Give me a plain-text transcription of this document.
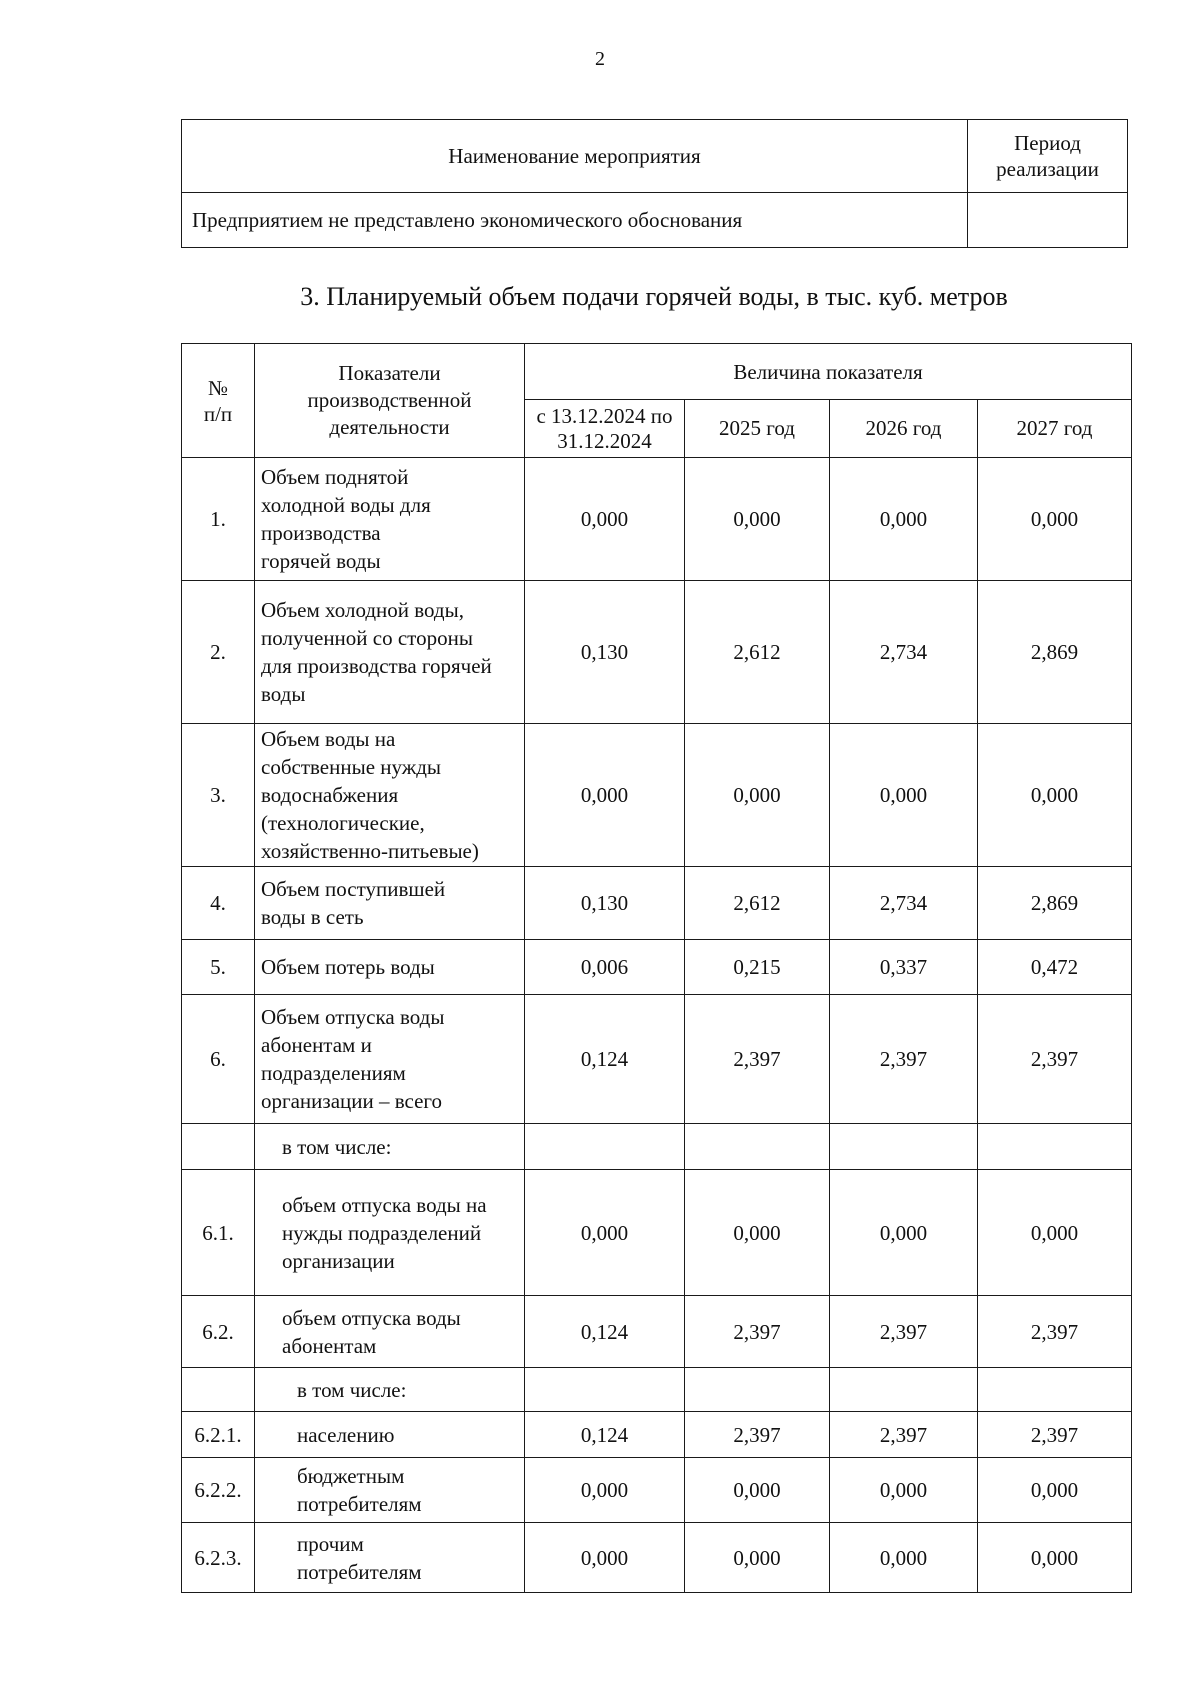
2
Наименование мероприятия	Период реализации

Предприятием не представлено экономического обоснования	
3. Планируемый объем подачи горячей воды, в тыс. куб. метров
№ п/п	Показатели производственной деятельности	Величина показателя			

		с 13.12.2024 по 31.12.2024	2025 год	2026 год	2027 год
1.	Объем поднятой холодной воды для производства горячей воды	0,000	0,000	0,000	0,000
2.	Объем холодной воды, полученной со стороны для производства горячей воды	0,130	2,612	2,734	2,869
3.	Объем воды на собственные нужды водоснабжения (технологические, хозяйственно-питьевые)	0,000	0,000	0,000	0,000
4.	Объем поступившей воды в сеть	0,130	2,612	2,734	2,869
5.	Объем потерь воды	0,006	0,215	0,337	0,472
6.	Объем отпуска воды абонентам и подразделениям организации – всего	0,124	2,397	2,397	2,397

	в том числе:				

6.1.	объем отпуска воды на нужды подразделений организации	0,000	0,000	0,000	0,000
6.2.	объем отпуска воды абонентам	0,124	2,397	2,397	2,397

	в том числе:				

6.2.1.	населению	0,124	2,397	2,397	2,397
6.2.2.	бюджетным потребителям	0,000	0,000	0,000	0,000
6.2.3.	прочим потребителям	0,000	0,000	0,000	0,000
